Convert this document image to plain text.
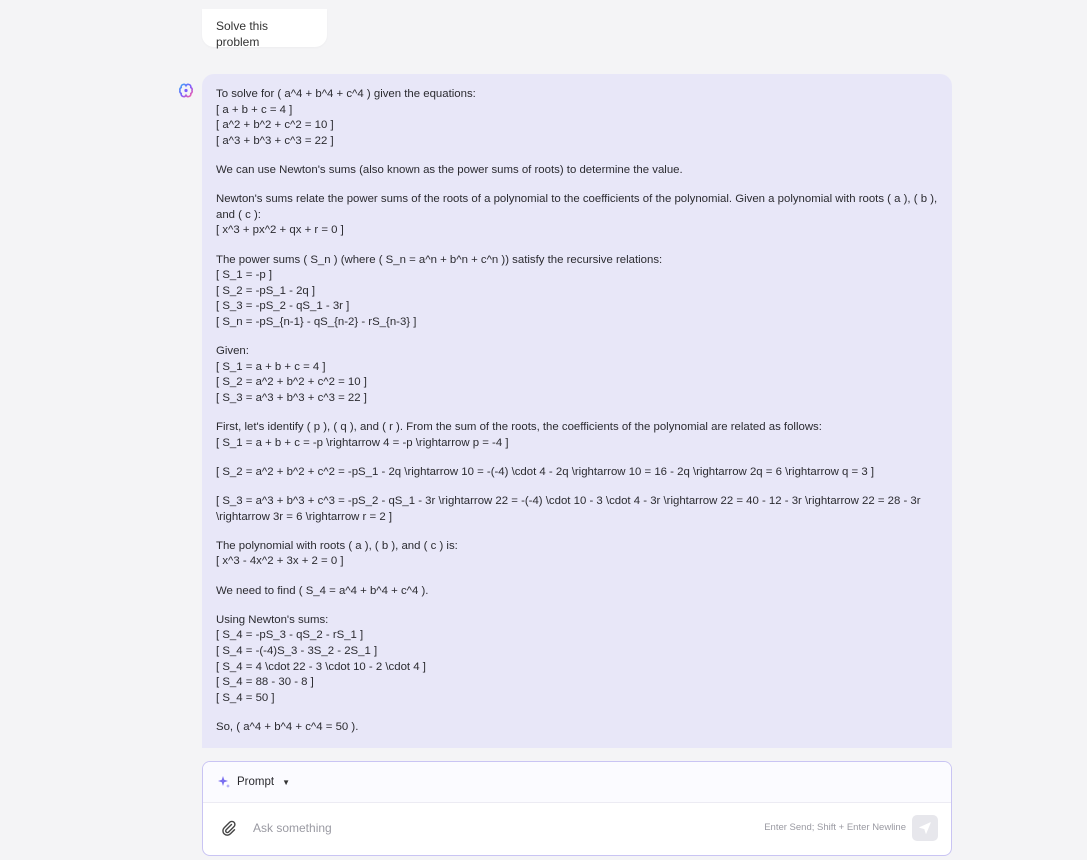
Solve this problem
To solve for ( a^4 + b^4 + c^4 ) given the equations:
[ a + b + c = 4 ]
[ a^2 + b^2 + c^2 = 10 ]
[ a^3 + b^3 + c^3 = 22 ]
We can use Newton's sums (also known as the power sums of roots) to determine the value.
Newton's sums relate the power sums of the roots of a polynomial to the coefficients of the polynomial. Given a polynomial with roots ( a ), ( b ), and ( c ):
[ x^3 + px^2 + qx + r = 0 ]
The power sums ( S_n ) (where ( S_n = a^n + b^n + c^n )) satisfy the recursive relations:
[ S_1 = -p ]
[ S_2 = -pS_1 - 2q ]
[ S_3 = -pS_2 - qS_1 - 3r ]
[ S_n = -pS_{n-1} - qS_{n-2} - rS_{n-3} ]
Given:
[ S_1 = a + b + c = 4 ]
[ S_2 = a^2 + b^2 + c^2 = 10 ]
[ S_3 = a^3 + b^3 + c^3 = 22 ]
First, let's identify ( p ), ( q ), and ( r ). From the sum of the roots, the coefficients of the polynomial are related as follows:
[ S_1 = a + b + c = -p \rightarrow 4 = -p \rightarrow p = -4 ]
[ S_2 = a^2 + b^2 + c^2 = -pS_1 - 2q \rightarrow 10 = -(-4) \cdot 4 - 2q \rightarrow 10 = 16 - 2q \rightarrow 2q = 6 \rightarrow q = 3 ]
[ S_3 = a^3 + b^3 + c^3 = -pS_2 - qS_1 - 3r \rightarrow 22 = -(-4) \cdot 10 - 3 \cdot 4 - 3r \rightarrow 22 = 40 - 12 - 3r \rightarrow 22 = 28 - 3r \rightarrow 3r = 6 \rightarrow r = 2 ]
The polynomial with roots ( a ), ( b ), and ( c ) is:
[ x^3 - 4x^2 + 3x + 2 = 0 ]
We need to find ( S_4 = a^4 + b^4 + c^4 ).
Using Newton's sums:
[ S_4 = -pS_3 - qS_2 - rS_1 ]
[ S_4 = -(-4)S_3 - 3S_2 - 2S_1 ]
[ S_4 = 4 \cdot 22 - 3 \cdot 10 - 2 \cdot 4 ]
[ S_4 = 88 - 30 - 8 ]
[ S_4 = 50 ]
So, ( a^4 + b^4 + c^4 = 50 ).
Prompt ▼
Ask something
Enter Send; Shift + Enter Newline
